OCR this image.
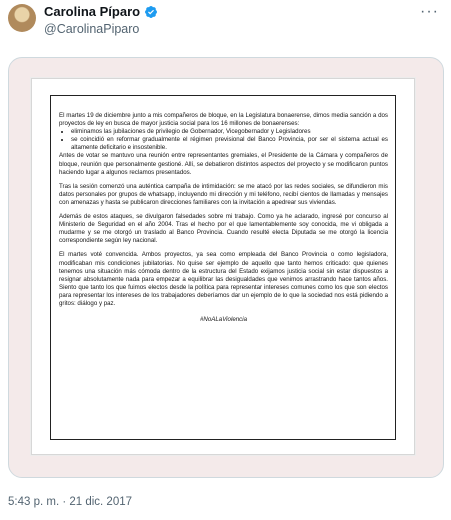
Carolina Píparo
@CarolinaPiparo
···

El martes 19 de diciembre junto a mis compañeros de bloque, en la Legislatura bonaerense, dimos media sanción a dos proyectos de ley en busca de mayor justicia social para los 16 millones de bonaerenses:

• eliminamos las jubilaciones de privilegio de Gobernador, Vicegobernador y Legisladores
• se coincidió en reformar gradualmente el régimen previsional del Banco Provincia, por ser el sistema actual es altamente deficitario e insostenible.

Antes de votar se mantuvo una reunión entre representantes gremiales, el Presidente de la Cámara y compañeros de bloque, reunión que personalmente gestioné. Allí, se debatieron distintos aspectos del proyecto y se modificaron puntos haciendo lugar a algunos reclamos presentados.

Tras la sesión comenzó una auténtica campaña de intimidación: se me atacó por las redes sociales, se difundieron mis datos personales por grupos de whatsapp, incluyendo mi dirección y mi teléfono, recibí cientos de llamadas y mensajes con amenazas y hasta se publicaron direcciones familiares con la invitación a apedrear sus viviendas.

Además de estos ataques, se divulgaron falsedades sobre mi trabajo. Como ya he aclarado, ingresé por concurso al Ministerio de Seguridad en el año 2004. Tras el hecho por el que lamentablemente soy conocida, me vi obligada a mudarme y se me otorgó un traslado al Banco Provincia. Cuando resulté electa Diputada se me otorgó la licencia correspondiente según ley nacional.

El martes voté convencida. Ambos proyectos, ya sea como empleada del Banco Provincia o como legisladora, modificaban mis condiciones jubilatorias. No quise ser ejemplo de aquello que tanto hemos criticado: que quienes tenemos una situación más cómoda dentro de la estructura del Estado exijamos justicia social sin estar dispuestos a resignar absolutamente nada para empezar a equilibrar las desigualdades que venimos arrastrando hace tantos años. Siento que tanto los que fuimos electos desde la política para representar intereses comunes como los que son electos para representar los intereses de los trabajadores deberíamos dar un ejemplo de lo que la sociedad nos está pidiendo a gritos: diálogo y paz.

#NoALaViolencia
5:43 p. m. · 21 dic. 2017
